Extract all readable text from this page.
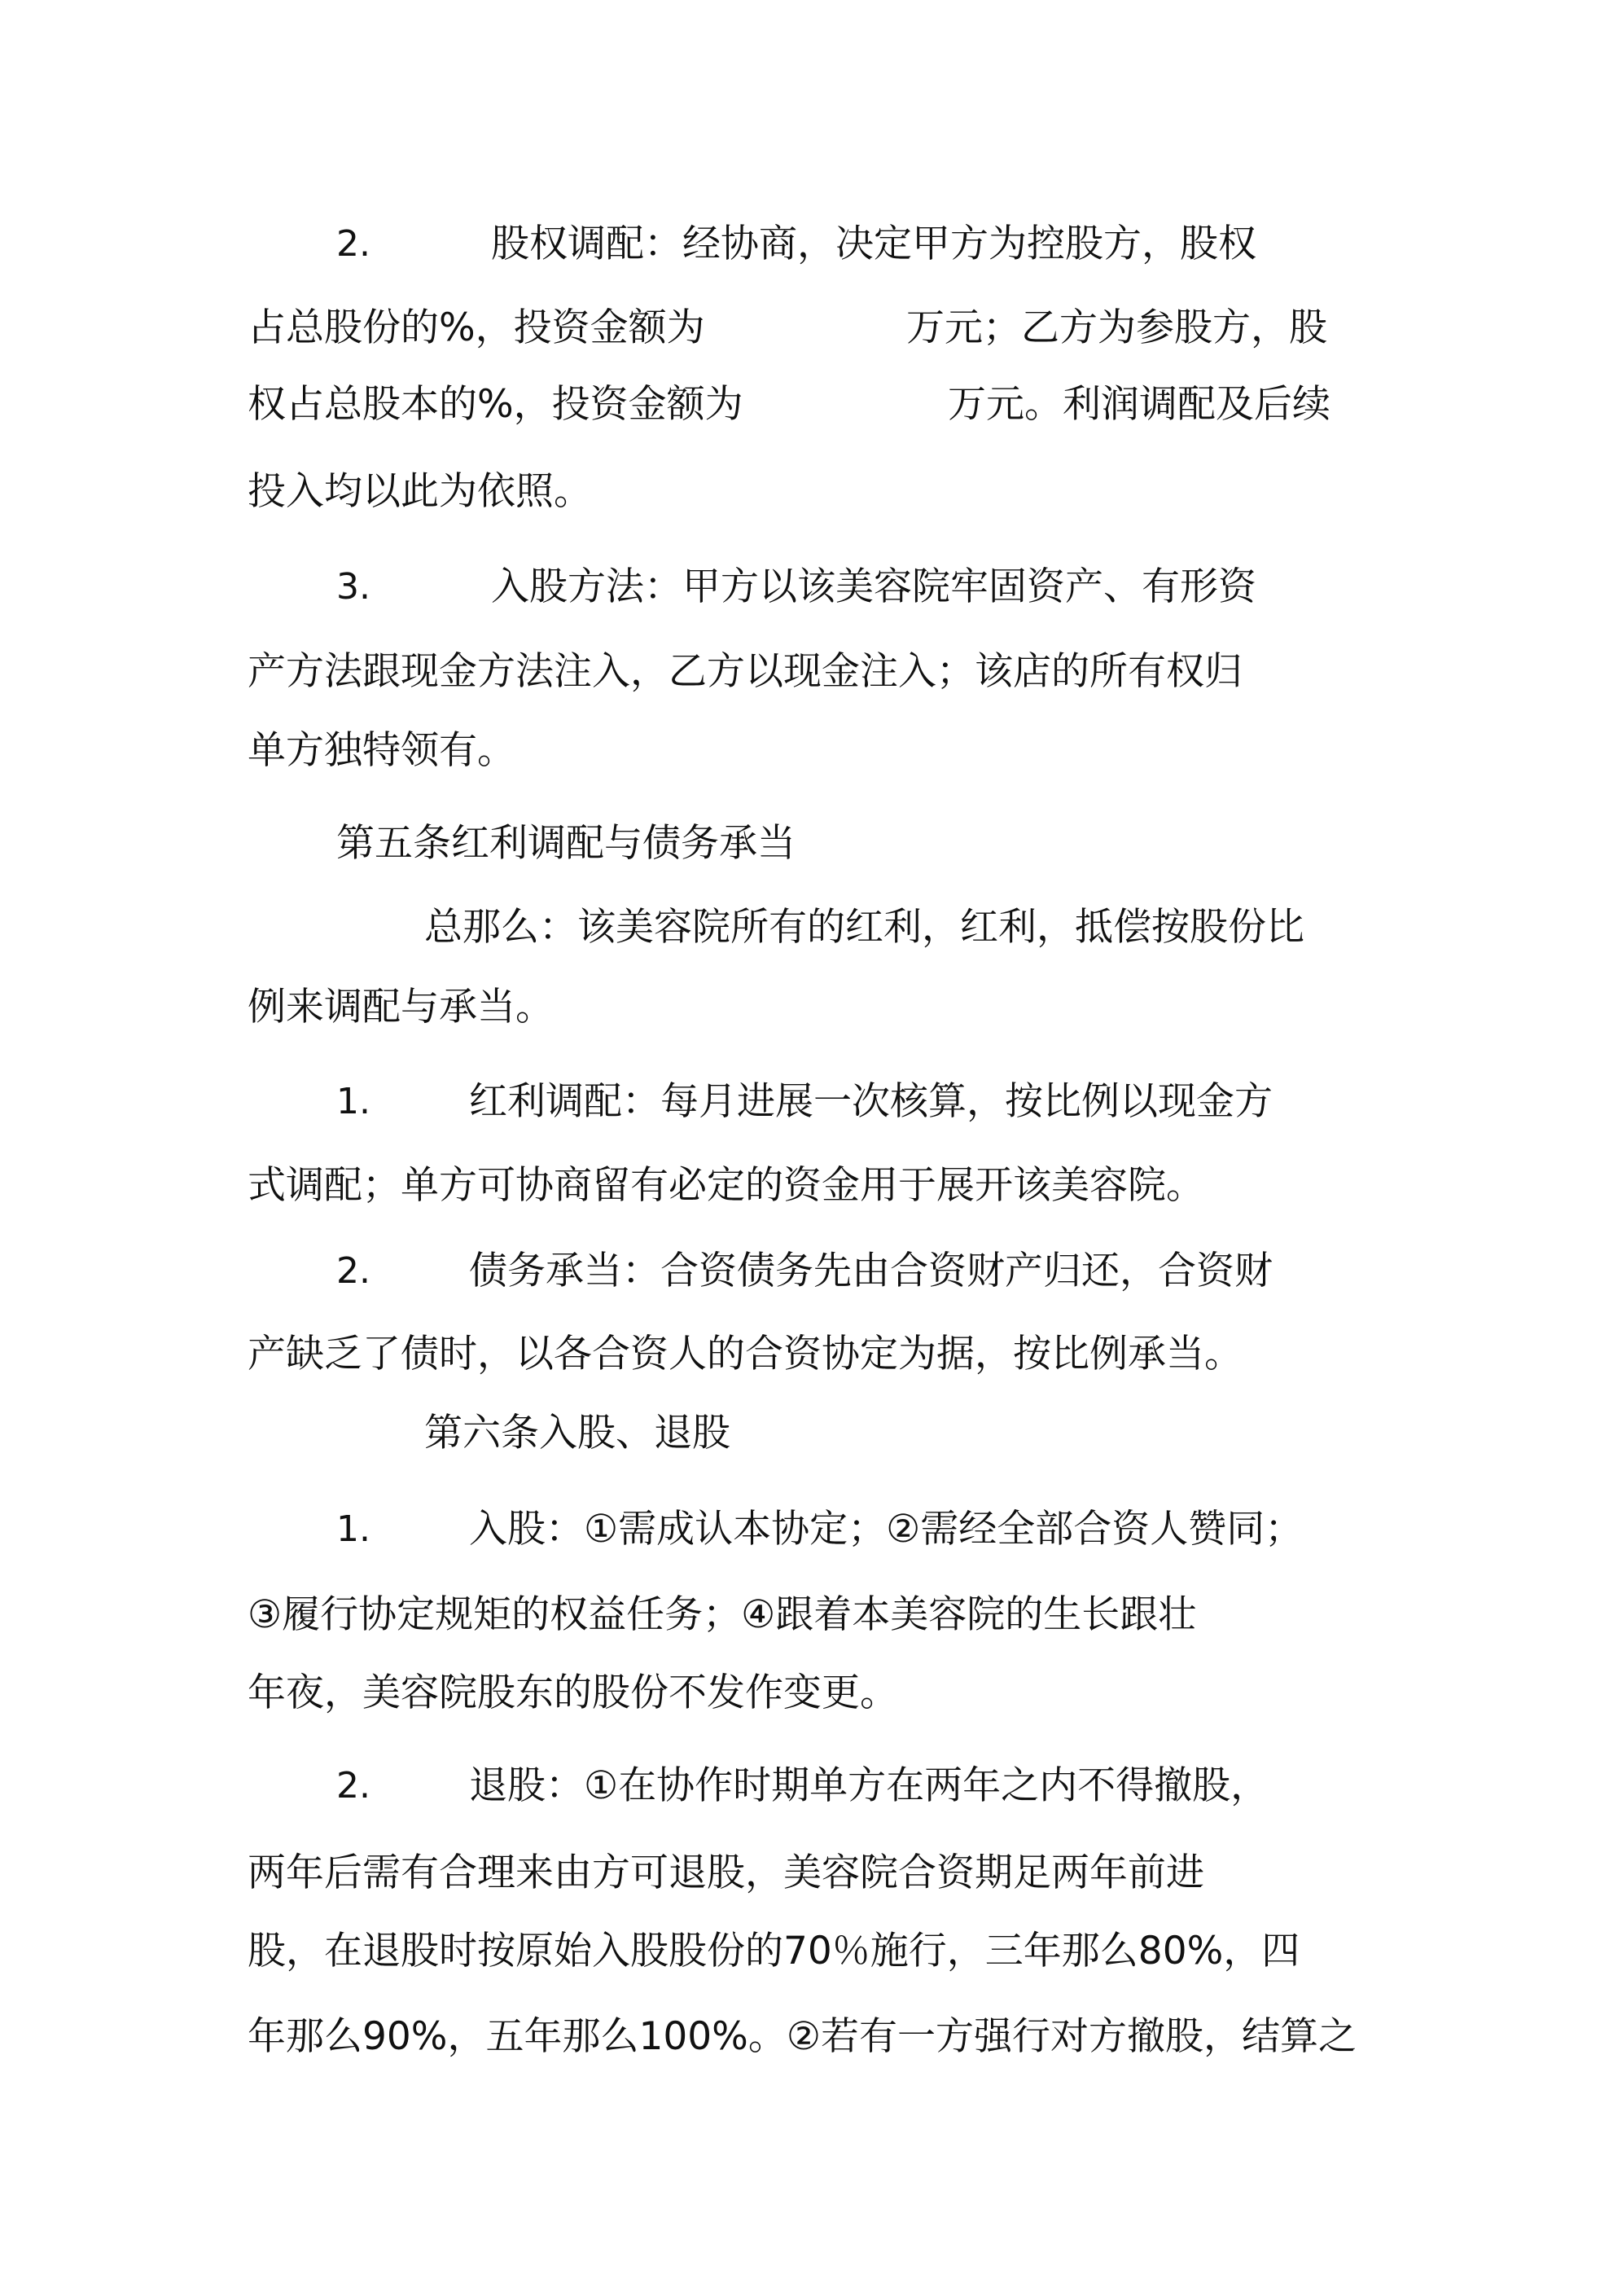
2.	股权调配：经协商，决定甲方为控股方，股权
占总股份的%，投资金额为	万元；乙方为参股方，股
权占总股本的%，投资金额为	万元。利润调配及后续
投入均以此为依照。
3.	入股方法：甲方以该美容院牢固资产、有形资
产方法跟现金方法注入，乙方以现金注入；该店的所有权归
单方独特领有。
第五条红利调配与债务承当
总那么：该美容院所有的红利，红利，抵偿按股份比
例来调配与承当。
1.	红利调配：每月进展一次核算，按比例以现金方
式调配；单方可协商留有必定的资金用于展开该美容院。
2.	债务承当：合资债务先由合资财产归还，合资财
产缺乏了债时，以各合资人的合资协定为据，按比例承当。
第六条入股、退股
1.	入股：①需成认本协定；②需经全部合资人赞同；
③履行协定规矩的权益任务；④跟着本美容院的生长跟壮
年夜，美容院股东的股份不发作变更。
2.	退股：①在协作时期单方在两年之内不得撤股，
两年后需有合理来由方可退股，美容院合资期足两年前进
股，在退股时按原始入股股份的70％施行，三年那么80%，四
年那么90%，五年那么100%。②若有一方强行对方撤股，结算之
